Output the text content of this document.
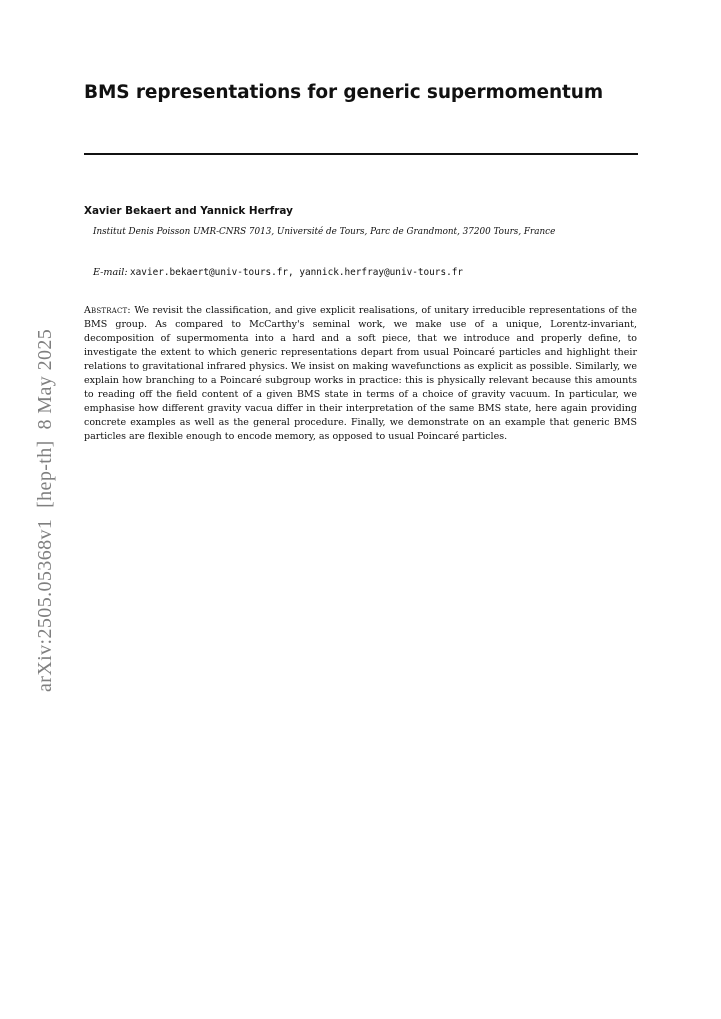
BMS representations for generic supermomentum
Xavier Bekaert and Yannick Herfray
Institut Denis Poisson UMR-CNRS 7013, Université de Tours, Parc de Grandmont, 37200 Tours, France
E-mail: xavier.bekaert@univ-tours.fr, yannick.herfray@univ-tours.fr

Abstract: We revisit the classification, and give explicit realisations, of unitary irreducible representations of the BMS group. As compared to McCarthy's seminal work, we make use of a unique, Lorentz-invariant, decomposition of supermomenta into a hard and a soft piece, that we introduce and properly define, to investigate the extent to which generic representations depart from usual Poincaré particles and highlight their relations to gravitational infrared physics. We insist on making wavefunctions as explicit as possible. Similarly, we explain how branching to a Poincaré subgroup works in practice: this is physically relevant because this amounts to reading off the field content of a given BMS state in terms of a choice of gravity vacuum. In particular, we emphasise how different gravity vacua differ in their interpretation of the same BMS state, here again providing concrete examples as well as the general procedure. Finally, we demonstrate on an example that generic BMS particles are flexible enough to encode memory, as opposed to usual Poincaré particles.

arXiv:2505.05368v1  [hep-th]  8 May 2025
